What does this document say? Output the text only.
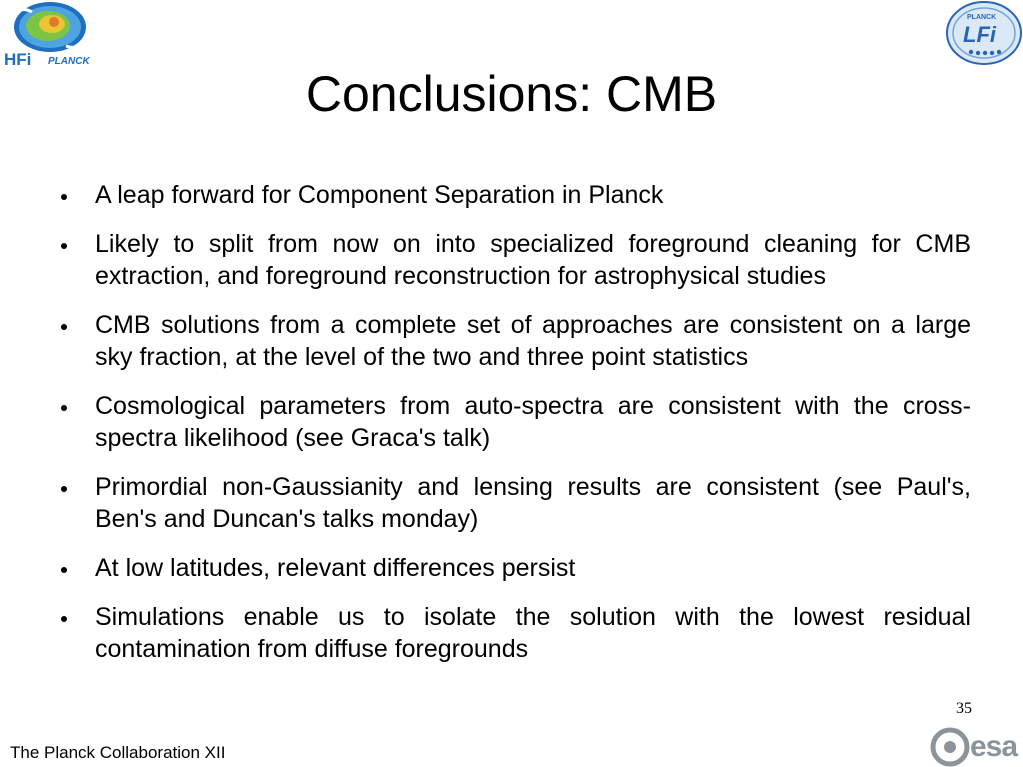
HFi PLANCK
PLANCK
LFi
Conclusions: CMB
A leap forward for Component Separation in Planck
Likely to split from now on into specialized foreground cleaning for CMB extraction, and foreground reconstruction for astrophysical studies
CMB solutions from a complete set of approaches are consistent on a large sky fraction, at the level of the two and three point statistics
Cosmological parameters from auto-spectra are consistent with the cross-spectra likelihood (see Graca's talk)
Primordial non-Gaussianity and lensing results are consistent (see Paul's, Ben's and Duncan's talks monday)
At low latitudes, relevant differences persist
Simulations enable us to isolate the solution with the lowest residual contamination from diffuse foregrounds
35
The Planck Collaboration XII	esa
